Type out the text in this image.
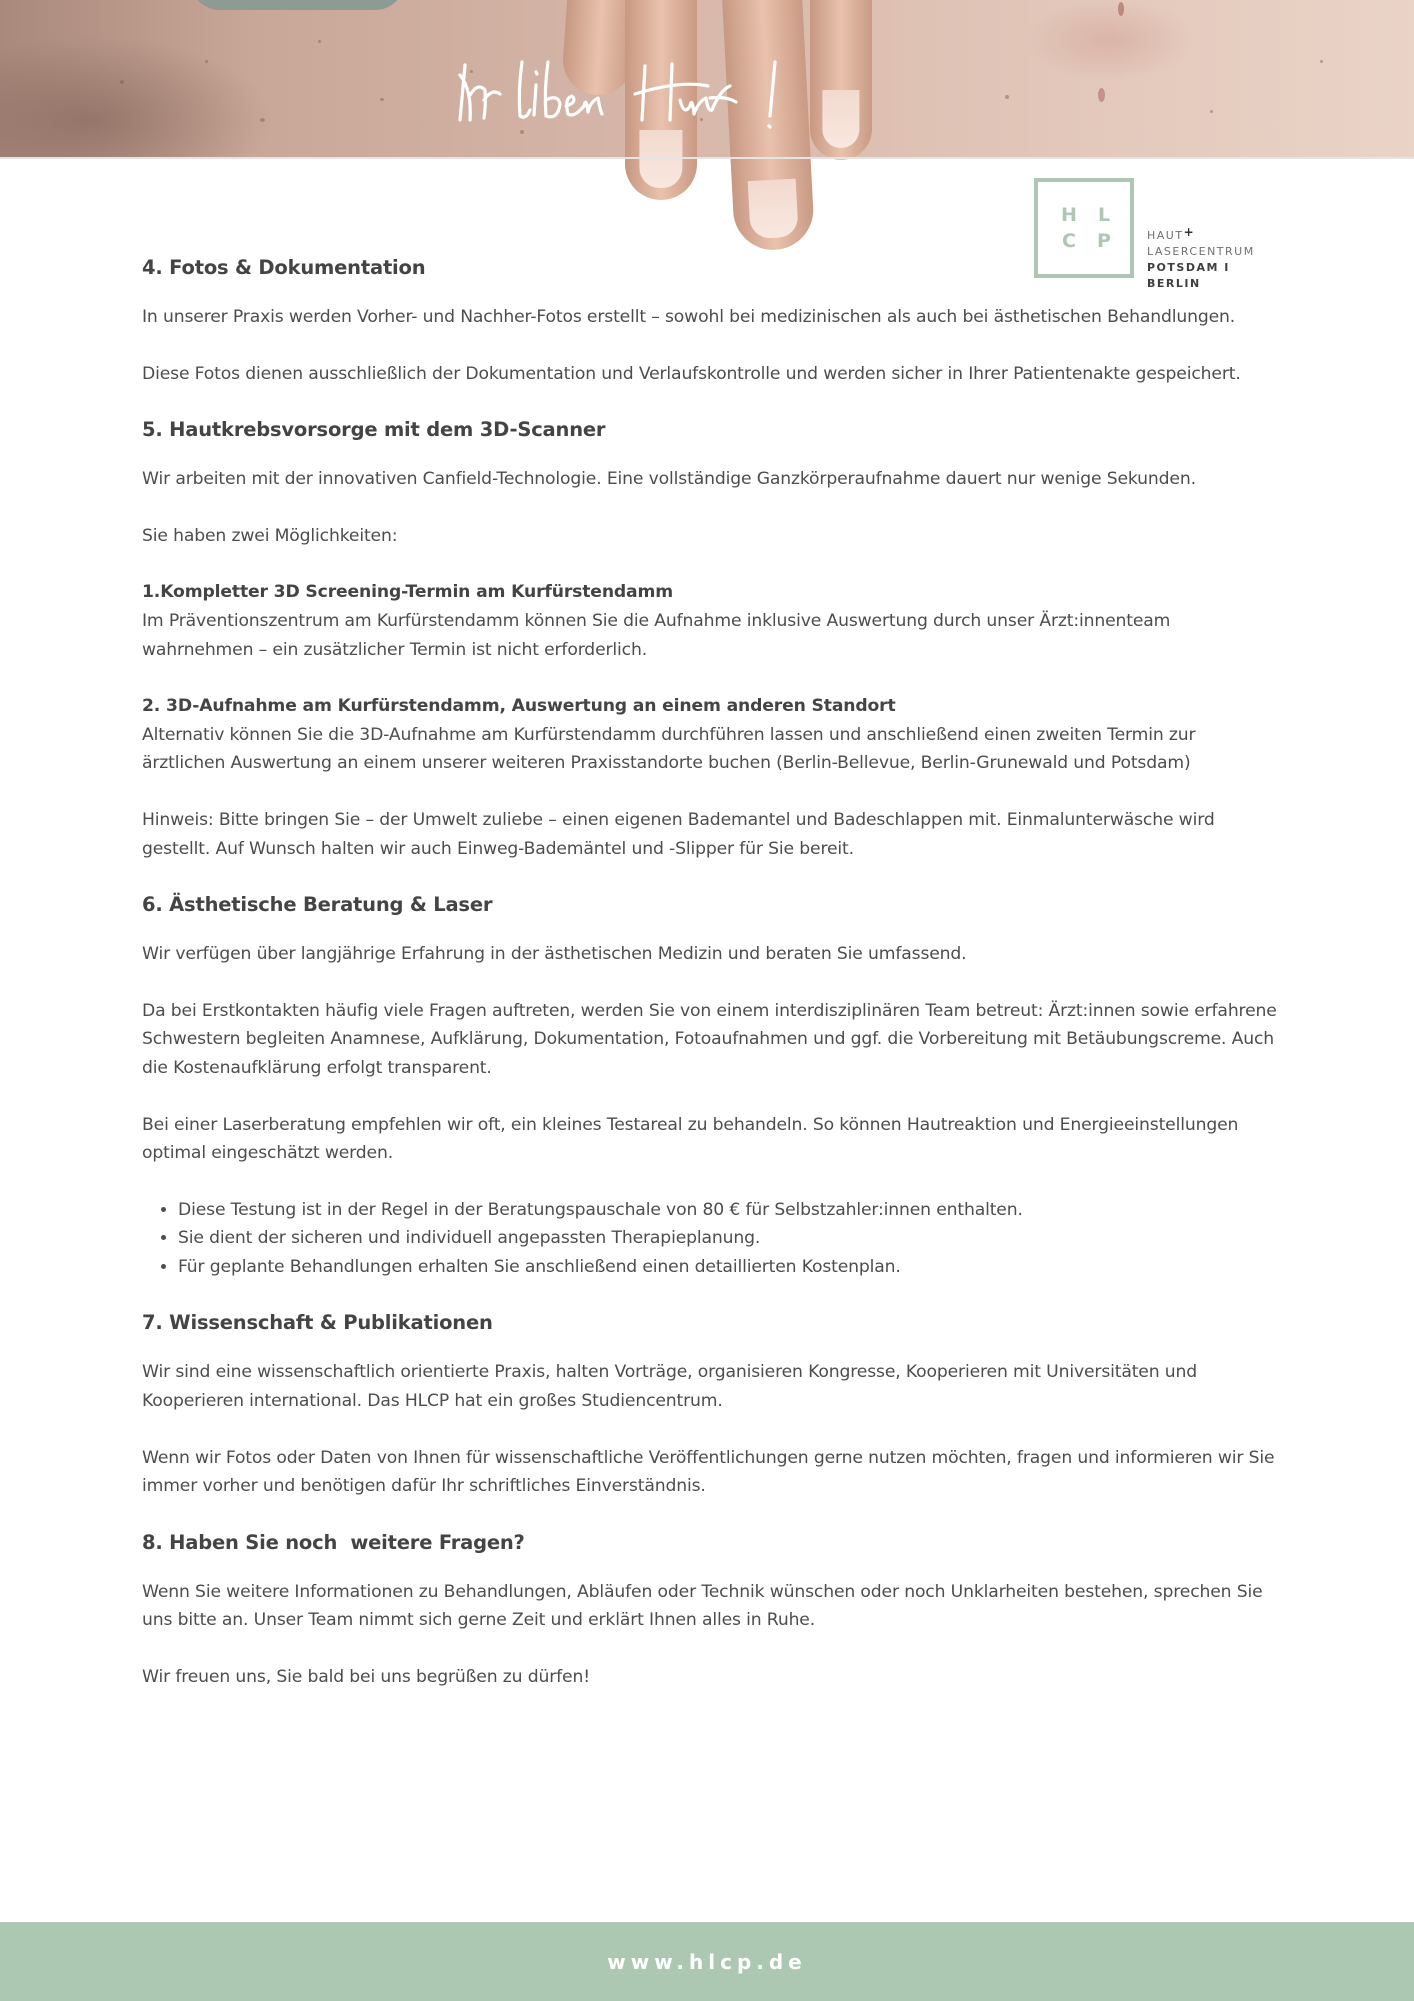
Wir lieben Haut!
H	L
C	P	HAUT+
LASERCENTRUM
POTSDAM I BERLIN
4. Fotos & Dokumentation

In unserer Praxis werden Vorher- und Nachher-Fotos erstellt – sowohl bei medizinischen als auch bei ästhetischen Behandlungen.

Diese Fotos dienen ausschließlich der Dokumentation und Verlaufskontrolle und werden sicher in Ihrer Patientenakte gespeichert.

5. Hautkrebsvorsorge mit dem 3D-Scanner

Wir arbeiten mit der innovativen Canfield-Technologie. Eine vollständige Ganzkörperaufnahme dauert nur wenige Sekunden.

Sie haben zwei Möglichkeiten:

1.Kompletter 3D Screening-Termin am Kurfürstendamm

Im Präventionszentrum am Kurfürstendamm können Sie die Aufnahme inklusive Auswertung durch unser Ärzt:innenteam wahrnehmen – ein zusätzlicher Termin ist nicht erforderlich.

2. 3D-Aufnahme am Kurfürstendamm, Auswertung an einem anderen Standort

Alternativ können Sie die 3D-Aufnahme am Kurfürstendamm durchführen lassen und anschließend einen zweiten Termin zur ärztlichen Auswertung an einem unserer weiteren Praxisstandorte buchen (Berlin-Bellevue, Berlin-Grunewald und Potsdam)

Hinweis: Bitte bringen Sie – der Umwelt zuliebe – einen eigenen Bademantel und Badeschlappen mit. Einmalunterwäsche wird gestellt. Auf Wunsch halten wir auch Einweg-Bademäntel und -Slipper für Sie bereit.

6. Ästhetische Beratung & Laser

Wir verfügen über langjährige Erfahrung in der ästhetischen Medizin und beraten Sie umfassend.

Da bei Erstkontakten häufig viele Fragen auftreten, werden Sie von einem interdisziplinären Team betreut: Ärzt:innen sowie erfahrene Schwestern begleiten Anamnese, Aufklärung, Dokumentation, Fotoaufnahmen und ggf. die Vorbereitung mit Betäubungscreme. Auch die Kostenaufklärung erfolgt transparent.

Bei einer Laserberatung empfehlen wir oft, ein kleines Testareal zu behandeln. So können Hautreaktion und Energieeinstellungen optimal eingeschätzt werden.

• Diese Testung ist in der Regel in der Beratungspauschale von 80 € für Selbstzahler:innen enthalten.
• Sie dient der sicheren und individuell angepassten Therapieplanung.
• Für geplante Behandlungen erhalten Sie anschließend einen detaillierten Kostenplan.
7. Wissenschaft & Publikationen

Wir sind eine wissenschaftlich orientierte Praxis, halten Vorträge, organisieren Kongresse, Kooperieren mit Universitäten und Kooperieren international. Das HLCP hat ein großes Studiencentrum.

Wenn wir Fotos oder Daten von Ihnen für wissenschaftliche Veröffentlichungen gerne nutzen möchten, fragen und informieren wir Sie immer vorher und benötigen dafür Ihr schriftliches Einverständnis.

8. Haben Sie noch  weitere Fragen?

Wenn Sie weitere Informationen zu Behandlungen, Abläufen oder Technik wünschen oder noch Unklarheiten bestehen, sprechen Sie uns bitte an. Unser Team nimmt sich gerne Zeit und erklärt Ihnen alles in Ruhe.

Wir freuen uns, Sie bald bei uns begrüßen zu dürfen!

www.hlcp.de
